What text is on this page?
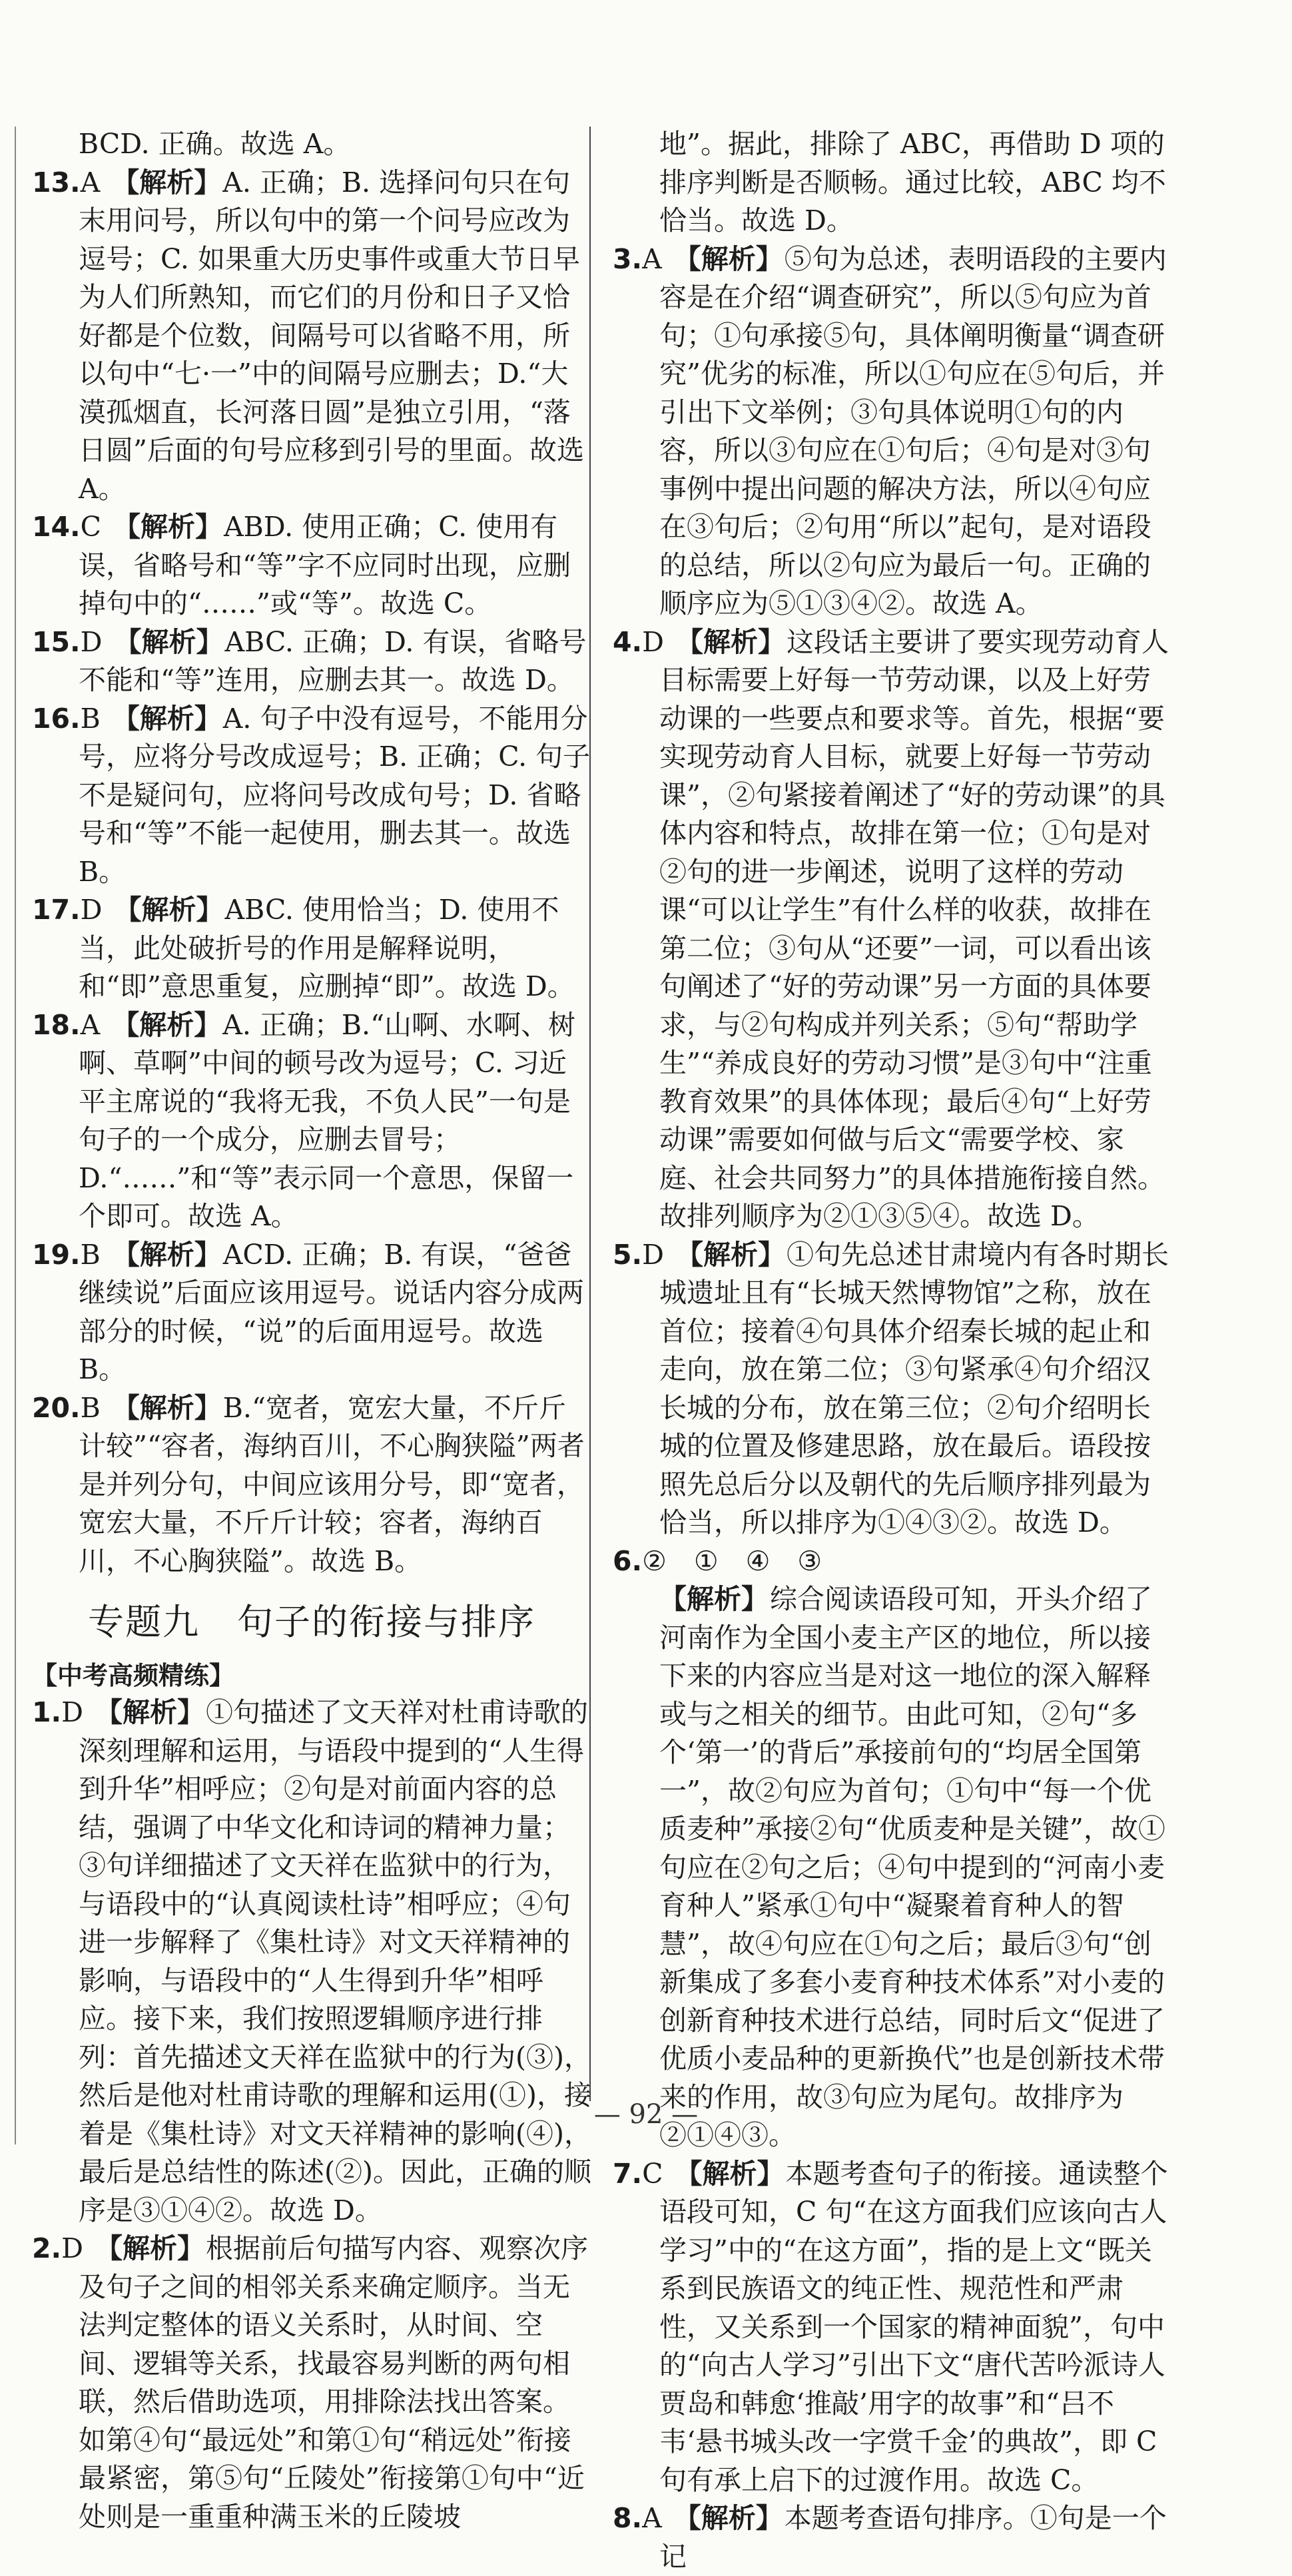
BCD. 正确。故选 A。

13.A 【解析】A. 正确；B. 选择问句只在句末用问号，所以句中的第一个问号应改为逗号；C. 如果重大历史事件或重大节日早为人们所熟知，而它们的月份和日子又恰好都是个位数，间隔号可以省略不用，所以句中“七·一”中的间隔号应删去；D.“大漠孤烟直，长河落日圆”是独立引用，“落日圆”后面的句号应移到引号的里面。故选 A。

14.C 【解析】ABD. 使用正确；C. 使用有误，省略号和“等”字不应同时出现，应删掉句中的“……”或“等”。故选 C。

15.D 【解析】ABC. 正确；D. 有误，省略号不能和“等”连用，应删去其一。故选 D。

16.B 【解析】A. 句子中没有逗号，不能用分号，应将分号改成逗号；B. 正确；C. 句子不是疑问句，应将问号改成句号；D. 省略号和“等”不能一起使用，删去其一。故选 B。

17.D 【解析】ABC. 使用恰当；D. 使用不当，此处破折号的作用是解释说明，和“即”意思重复，应删掉“即”。故选 D。

18.A 【解析】A. 正确；B.“山啊、水啊、树啊、草啊”中间的顿号改为逗号；C. 习近平主席说的“我将无我，不负人民”一句是句子的一个成分，应删去冒号；D.“……”和“等”表示同一个意思，保留一个即可。故选 A。

19.B 【解析】ACD. 正确；B. 有误，“爸爸继续说”后面应该用逗号。说话内容分成两部分的时候，“说”的后面用逗号。故选 B。

20.B 【解析】B.“宽者，宽宏大量，不斤斤计较”“容者，海纳百川，不心胸狭隘”两者是并列分句，中间应该用分号，即“宽者，宽宏大量，不斤斤计较；容者，海纳百川，不心胸狭隘”。故选 B。

专题九　句子的衔接与排序
【中考高频精练】

1.D 【解析】①句描述了文天祥对杜甫诗歌的深刻理解和运用，与语段中提到的“人生得到升华”相呼应；②句是对前面内容的总结，强调了中华文化和诗词的精神力量；③句详细描述了文天祥在监狱中的行为，与语段中的“认真阅读杜诗”相呼应；④句进一步解释了《集杜诗》对文天祥精神的影响，与语段中的“人生得到升华”相呼应。接下来，我们按照逻辑顺序进行排列：首先描述文天祥在监狱中的行为(③)，然后是他对杜甫诗歌的理解和运用(①)，接着是《集杜诗》对文天祥精神的影响(④)，最后是总结性的陈述(②)。因此，正确的顺序是③①④②。故选 D。

2.D 【解析】根据前后句描写内容、观察次序及句子之间的相邻关系来确定顺序。当无法判定整体的语义关系时，从时间、空间、逻辑等关系，找最容易判断的两句相联，然后借助选项，用排除法找出答案。如第④句“最远处”和第①句“稍远处”衔接最紧密，第⑤句“丘陵处”衔接第①句中“近处则是一重重种满玉米的丘陵坡

地”。据此，排除了 ABC，再借助 D 项的排序判断是否顺畅。通过比较，ABC 均不恰当。故选 D。

3.A 【解析】⑤句为总述，表明语段的主要内容是在介绍“调查研究”，所以⑤句应为首句；①句承接⑤句，具体阐明衡量“调查研究”优劣的标准，所以①句应在⑤句后，并引出下文举例；③句具体说明①句的内容，所以③句应在①句后；④句是对③句事例中提出问题的解决方法，所以④句应在③句后；②句用“所以”起句，是对语段的总结，所以②句应为最后一句。正确的顺序应为⑤①③④②。故选 A。

4.D 【解析】这段话主要讲了要实现劳动育人目标需要上好每一节劳动课，以及上好劳动课的一些要点和要求等。首先，根据“要实现劳动育人目标，就要上好每一节劳动课”，②句紧接着阐述了“好的劳动课”的具体内容和特点，故排在第一位；①句是对②句的进一步阐述，说明了这样的劳动课“可以让学生”有什么样的收获，故排在第二位；③句从“还要”一词，可以看出该句阐述了“好的劳动课”另一方面的具体要求，与②句构成并列关系；⑤句“帮助学生”“养成良好的劳动习惯”是③句中“注重教育效果”的具体体现；最后④句“上好劳动课”需要如何做与后文“需要学校、家庭、社会共同努力”的具体措施衔接自然。故排列顺序为②①③⑤④。故选 D。

5.D 【解析】①句先总述甘肃境内有各时期长城遗址且有“长城天然博物馆”之称，放在首位；接着④句具体介绍秦长城的起止和走向，放在第二位；③句紧承④句介绍汉长城的分布，放在第三位；②句介绍明长城的位置及修建思路，放在最后。语段按照先总后分以及朝代的先后顺序排列最为恰当，所以排序为①④③②。故选 D。

6.②　①　④　③

【解析】综合阅读语段可知，开头介绍了河南作为全国小麦主产区的地位，所以接下来的内容应当是对这一地位的深入解释或与之相关的细节。由此可知，②句“多个‘第一’的背后”承接前句的“均居全国第一”，故②句应为首句；①句中“每一个优质麦种”承接②句“优质麦种是关键”，故①句应在②句之后；④句中提到的“河南小麦育种人”紧承①句中“凝聚着育种人的智慧”，故④句应在①句之后；最后③句“创新集成了多套小麦育种技术体系”对小麦的创新育种技术进行总结，同时后文“促进了优质小麦品种的更新换代”也是创新技术带来的作用，故③句应为尾句。故排序为②①④③。

7.C 【解析】本题考查句子的衔接。通读整个语段可知，C 句“在这方面我们应该向古人学习”中的“在这方面”，指的是上文“既关系到民族语文的纯正性、规范性和严肃性，又关系到一个国家的精神面貌”，句中的“向古人学习”引出下文“唐代苦吟派诗人贾岛和韩愈‘推敲’用字的故事”和“吕不韦‘悬书城头改一字赏千金’的典故”，即 C 句有承上启下的过渡作用。故选 C。

8.A 【解析】本题考查语句排序。①句是一个记

— 92 —
